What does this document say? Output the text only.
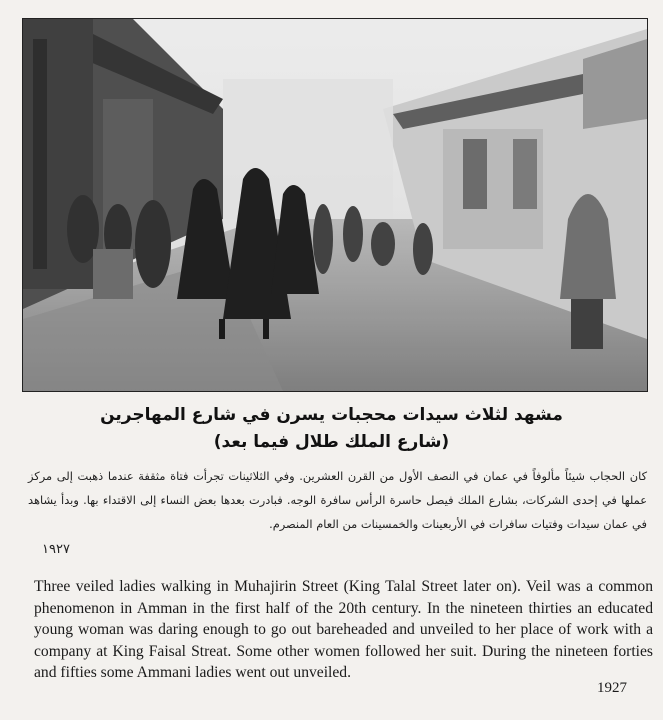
مشهد لثلاث سيدات محجبات يسرن في شارع المهاجرين
(شارع الملك طلال فيما بعد)
كان الحجاب شيئاً مألوفاً في عمان في النصف الأول من القرن العشرين. وفي الثلاثينات تجرأت فتاة مثقفة عندما ذهبت إلى مركز عملها في إحدى الشركات، بشارع الملك فيصل حاسرة الرأس سافرة الوجه. فبادرت بعدها بعض النساء إلى الاقتداء بها. وبدأ يشاهد في عمان سيدات وفتيات سافرات في الأربعينات والخمسينات من العام المنصرم.
١٩٢٧
Three veiled ladies walking in Muhajirin Street (King Talal Street later on). Veil was a common phenomenon in Amman in the first half of the 20th century. In the nineteen thirties an educated young woman was daring enough to go out bareheaded and unveiled to her place of work with a company at King Faisal Streat. Some other women followed her suit. During the nineteen forties and fifties some Ammani ladies went out unveiled.
1927
